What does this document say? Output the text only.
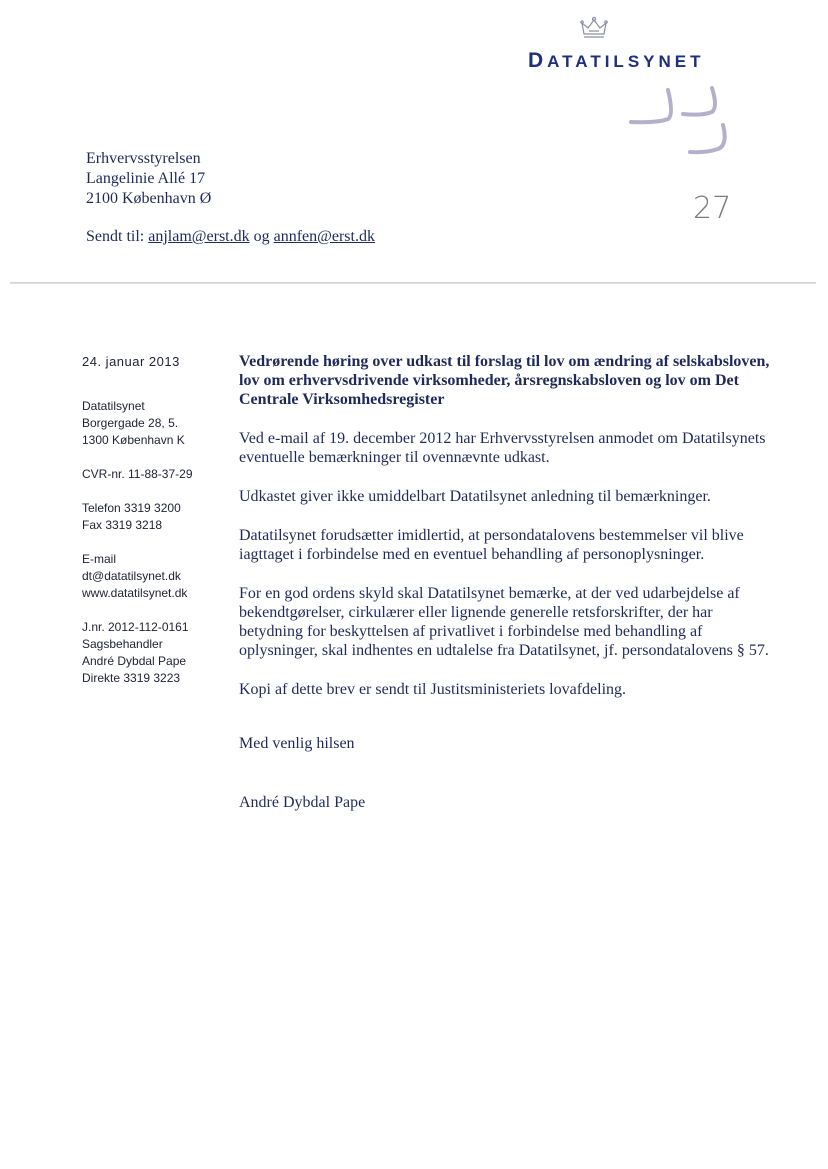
DATATILSYNET
27
Erhvervsstyrelsen
Langelinie Allé 17
2100 København Ø
Sendt til: anjlam@erst.dk og annfen@erst.dk
24. januar 2013
Datatilsynet
Borgergade 28, 5.
1300 København K
CVR-nr. 11-88-37-29
Telefon 3319 3200
Fax 3319 3218
E-mail
dt@datatilsynet.dk
www.datatilsynet.dk
J.nr. 2012-112-0161
Sagsbehandler
André Dybdal Pape
Direkte 3319 3223

Vedrørende høring over udkast til forslag til lov om ændring af selskabsloven, lov om erhvervsdrivende virksomheder, årsregnskabsloven og lov om Det Centrale Virksomhedsregister

Ved e-mail af 19. december 2012 har Erhvervsstyrelsen anmodet om Datatilsynets eventuelle bemærkninger til ovennævnte udkast.

Udkastet giver ikke umiddelbart Datatilsynet anledning til bemærkninger.

Datatilsynet forudsætter imidlertid, at persondatalovens bestemmelser vil blive iagttaget i forbindelse med en eventuel behandling af personoplysninger.

For en god ordens skyld skal Datatilsynet bemærke, at der ved udarbejdelse af bekendtgørelser, cirkulærer eller lignende generelle retsforskrifter, der har betydning for beskyttelsen af privatlivet i forbindelse med behandling af oplysninger, skal indhentes en udtalelse fra Datatilsynet, jf. persondatalovens § 57.

Kopi af dette brev er sendt til Justitsministeriets lovafdeling.

Med venlig hilsen

André Dybdal Pape
